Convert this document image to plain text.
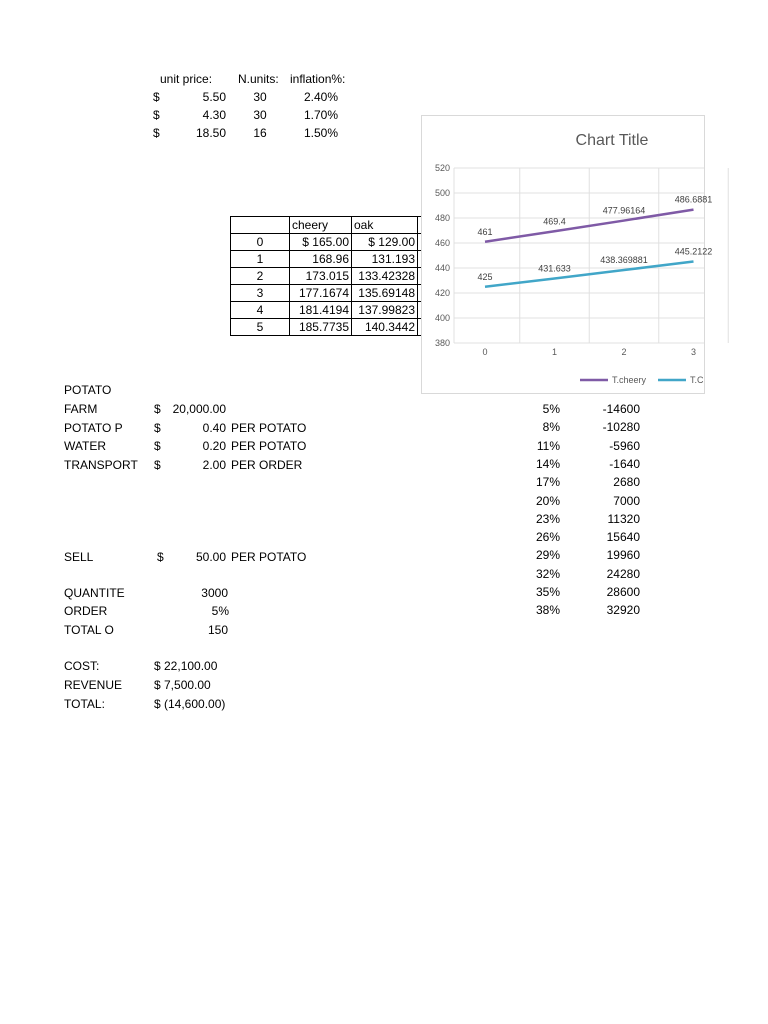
unit price: N.units: inflation%:
$	5.50	30	2.40%
$	4.30	30	1.70%
$	18.50	16	1.50%
	cheery	oak	
0	$ 165.00	$ 129.00	
1	168.96	131.193	
2	173.015	133.42328	
3	177.1674	135.69148	
4	181.4194	137.99823	
5	185.7735	140.3442	
Chart Title
380
400
420
440
460
480
500
520
0	1	2	3
461
469.4
477.96164
486.6881
425
431.633
438.369881
445.2122
T.cheery	T.C
POTATO
FARM	$ 20,000.00
POTATO P	$	0.40 PER POTATO
WATER	$	0.20 PER POTATO
TRANSPORT $	2.00 PER ORDER
SELL	$	50.00 PER POTATO
QUANTITE	3000
ORDER	5%
TOTAL O	150
COST:	$ 22,100.00
REVENUE	$ 7,500.00
TOTAL:	$ (14,600.00)
5%	-14600
8%	-10280
11%	-5960
14%	-1640
17%	2680
20%	7000
23%	11320
26%	15640
29%	19960
32%	24280
35%	28600
38%	32920
